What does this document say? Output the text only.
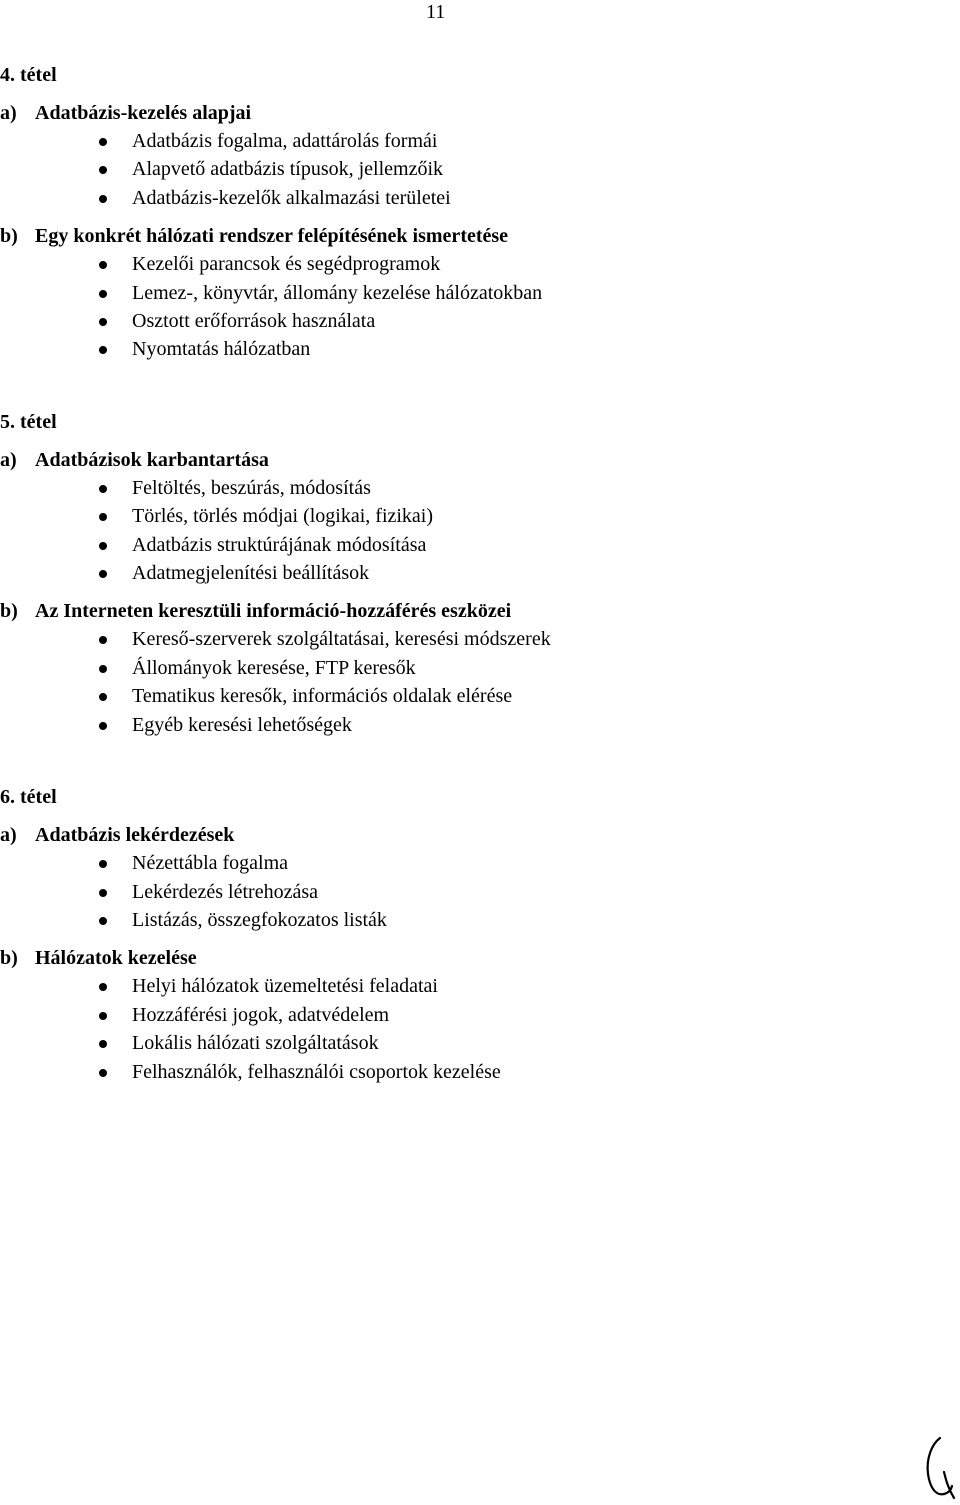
11

4. tétel

a) Adatbázis-kezelés alapjai
Adatbázis fogalma, adattárolás formái
Alapvető adatbázis típusok, jellemzőik
Adatbázis-kezelők alkalmazási területei
b) Egy konkrét hálózati rendszer felépítésének ismertetése
Kezelői parancsok és segédprogramok
Lemez-, könyvtár, állomány kezelése hálózatokban
Osztott erőforrások használata
Nyomtatás hálózatban

5. tétel

a) Adatbázisok karbantartása
Feltöltés, beszúrás, módosítás
Törlés, törlés módjai (logikai, fizikai)
Adatbázis struktúrájának módosítása
Adatmegjelenítési beállítások
b) Az Interneten keresztüli információ-hozzáférés eszközei
Kereső-szerverek szolgáltatásai, keresési módszerek
Állományok keresése, FTP keresők
Tematikus keresők, információs oldalak elérése
Egyéb keresési lehetőségek

6. tétel

a) Adatbázis lekérdezések
Nézettábla fogalma
Lekérdezés létrehozása
Listázás, összegfokozatos listák
b) Hálózatok kezelése
Helyi hálózatok üzemeltetési feladatai
Hozzáférési jogok, adatvédelem
Lokális hálózati szolgáltatások
Felhasználók, felhasználói csoportok kezelése
